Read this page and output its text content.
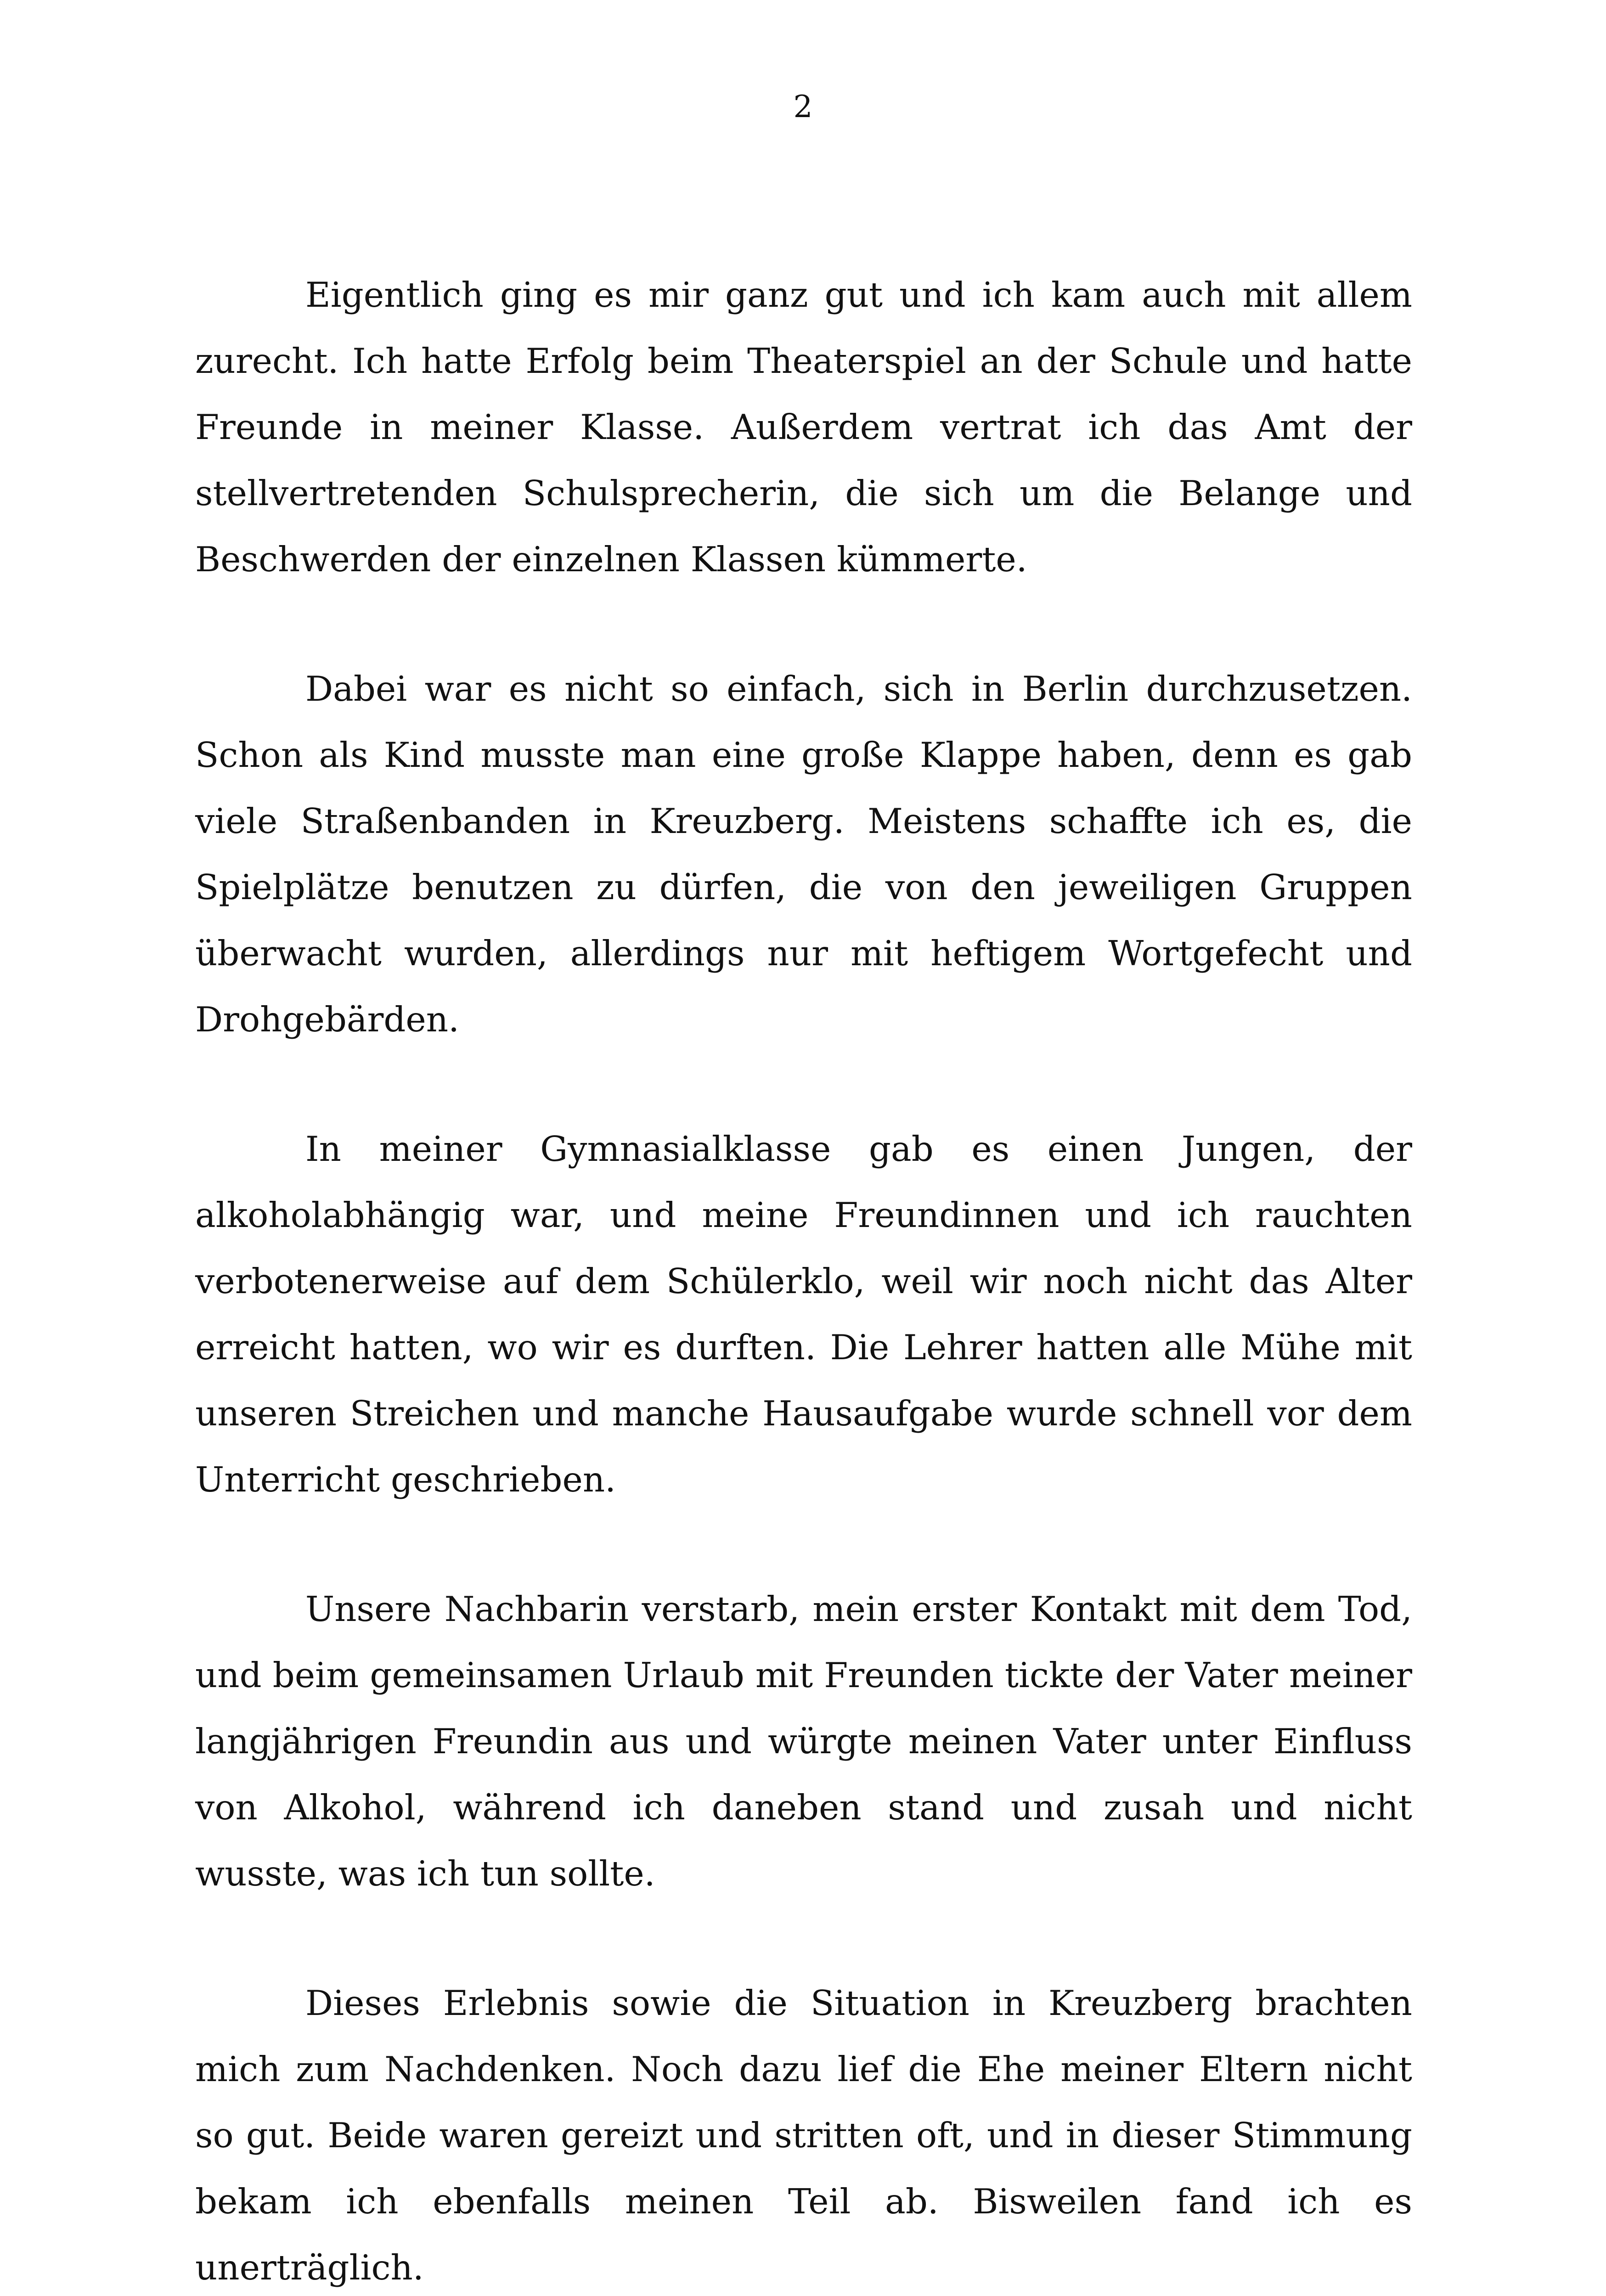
2

Eigentlich ging es mir ganz gut und ich kam auch mit allem zurecht. Ich hatte Erfolg beim Theaterspiel an der Schule und hatte Freunde in meiner Klasse. Außerdem vertrat ich das Amt der stellvertretenden Schulsprecherin, die sich um die Belange und Beschwerden der einzelnen Klassen kümmerte.

Dabei war es nicht so einfach, sich in Berlin durchzusetzen. Schon als Kind musste man eine große Klappe haben, denn es gab viele Straßenbanden in Kreuzberg. Meistens schaffte ich es, die Spielplätze benutzen zu dürfen, die von den jeweiligen Gruppen überwacht wurden, allerdings nur mit heftigem Wortgefecht und Drohgebärden.

In meiner Gymnasialklasse gab es einen Jungen, der alkoholabhängig war, und meine Freundinnen und ich rauchten verbotenerweise auf dem Schülerklo, weil wir noch nicht das Alter erreicht hatten, wo wir es durften. Die Lehrer hatten alle Mühe mit unseren Streichen und manche Hausaufgabe wurde schnell vor dem Unterricht geschrieben.

Unsere Nachbarin verstarb, mein erster Kontakt mit dem Tod, und beim gemeinsamen Urlaub mit Freunden tickte der Vater meiner langjährigen Freundin aus und würgte meinen Vater unter Einfluss von Alkohol, während ich daneben stand und zusah und nicht wusste, was ich tun sollte.

Dieses Erlebnis sowie die Situation in Kreuzberg brachten mich zum Nachdenken. Noch dazu lief die Ehe meiner Eltern nicht so gut. Beide waren gereizt und stritten oft, und in dieser Stimmung bekam ich ebenfalls meinen Teil ab. Bisweilen fand ich es unerträglich.
